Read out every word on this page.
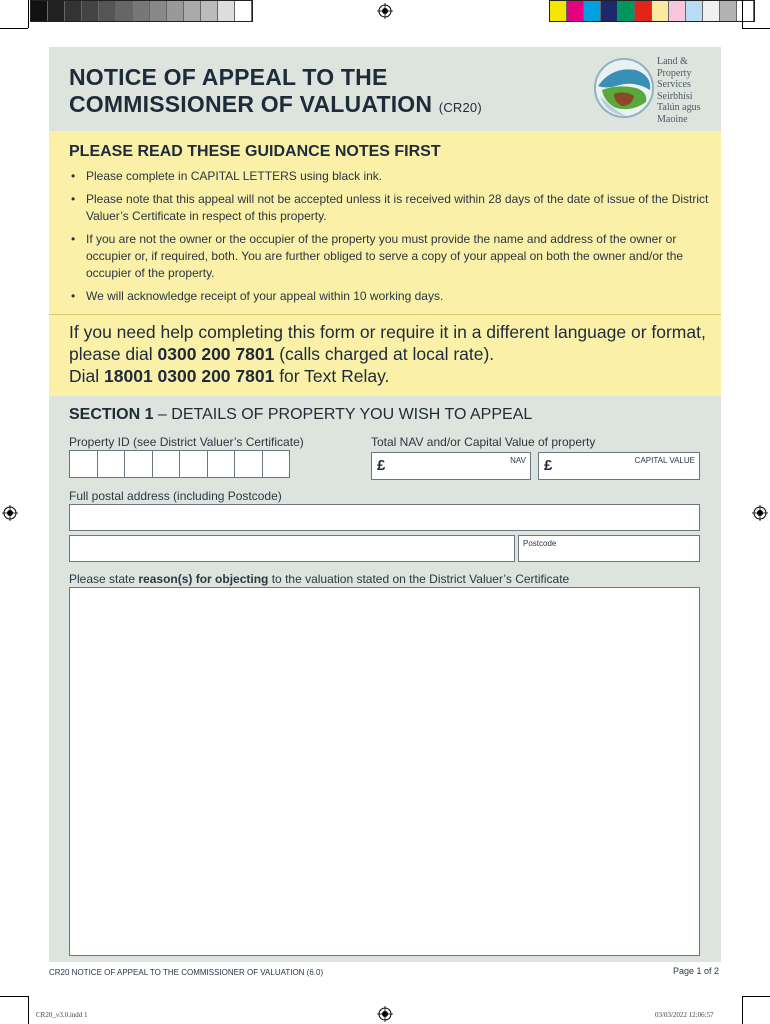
CR20_v3.0.indd 1	03/03/2022 12:06:57
NOTICE OF APPEAL TO THE
COMMISSIONER OF VALUATION (CR20)
Land &
Property
Services
Seirbhísí
Talún agus
Maoine
PLEASE READ THESE GUIDANCE NOTES FIRST
• Please complete in CAPITAL LETTERS using black ink.
• Please note that this appeal will not be accepted unless it is received within 28 days of the date of issue of the District Valuer’s Certificate in respect of this property.
• If you are not the owner or the occupier of the property you must provide the name and address of the owner or occupier or, if required, both. You are further obliged to serve a copy of your appeal on both the owner and/or the occupier of the property.
• We will acknowledge receipt of your appeal within 10 working days.
If you need help completing this form or require it in a different language or format, please dial 0300 200 7801 (calls charged at local rate).
Dial 18001 0300 200 7801 for Text Relay.
SECTION 1 – DETAILS OF PROPERTY YOU WISH TO APPEAL
Property ID (see District Valuer’s Certificate)	Total NAV and/or Capital Value of property
£	NAV £	CAPITAL VALUE
Full postal address (including Postcode)
Postcode
Please state reason(s) for objecting to the valuation stated on the District Valuer’s Certificate
CR20 NOTICE OF APPEAL TO THE COMMISSIONER OF VALUATION (6.0)	Page 1 of 2
